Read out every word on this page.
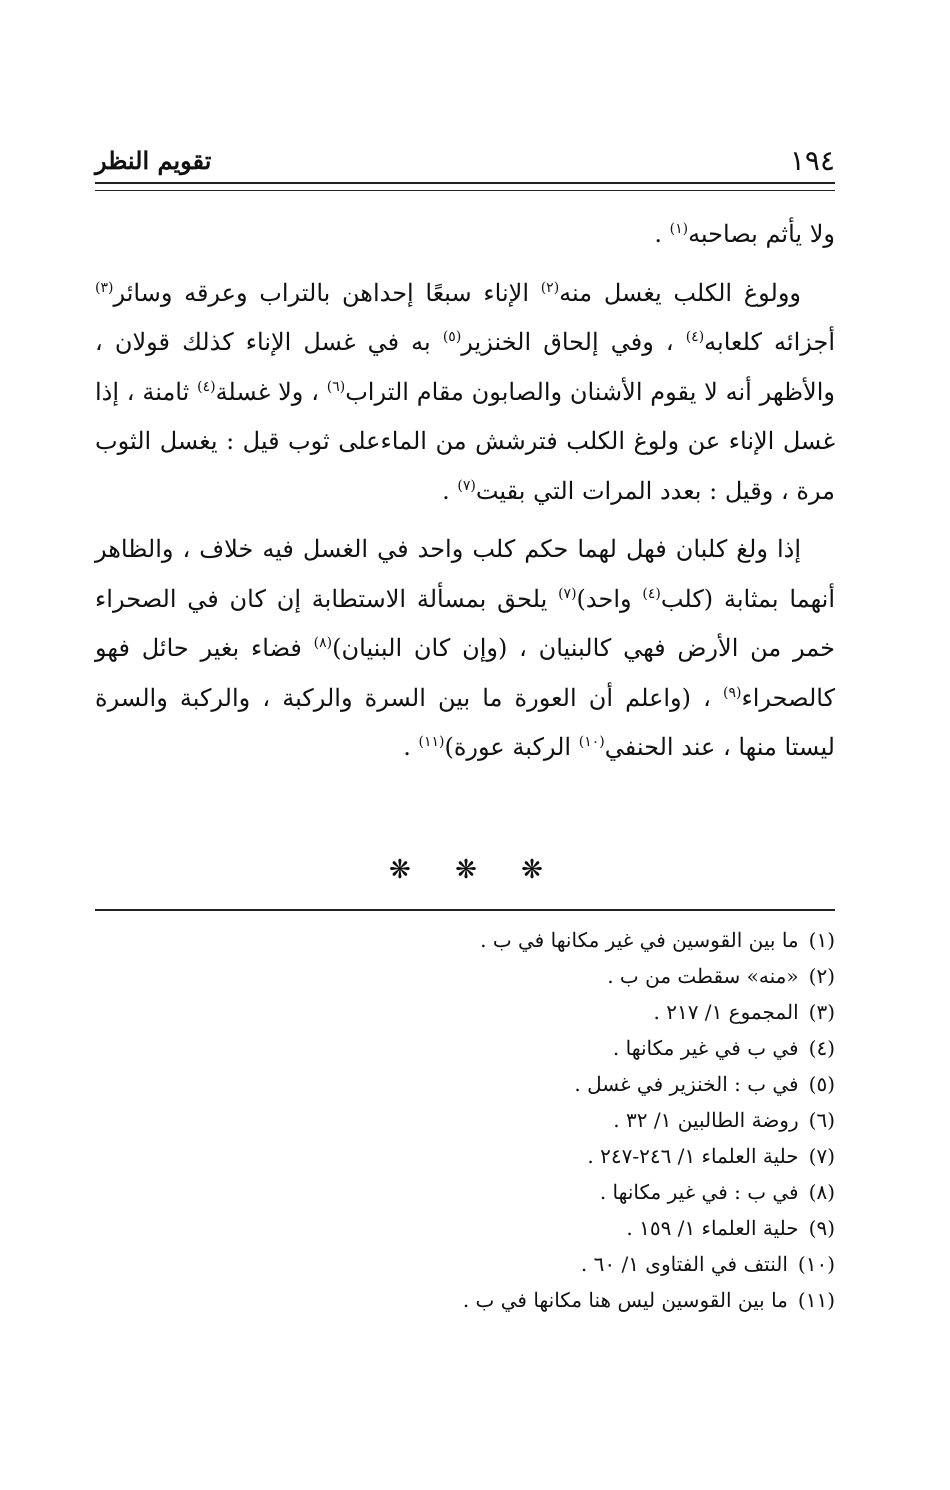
١٩٤
تقويم النظر

ولا يأثم بصاحبه$^{(١)}$ .

وولوغ الكلب يغسل منه$^{(٢)}$ الإناء سبعًا إحداهن بالتراب وعرقه وسائر$^{(٣)}$ أجزائه كلعابه$^{(٤)}$ ، وفي إلحاق الخنزير$^{(٥)}$ به في غسل الإناء كذلك قولان ، والأظهر أنه لا يقوم الأشنان والصابون مقام التراب$^{(٦)}$ ، ولا غسلة$^{(٤)}$ ثامنة ، إذا غسل الإناء عن ولوغ الكلب فترشش من الماءعلى ثوب قيل : يغسل الثوب مرة ، وقيل : بعدد المرات التي بقيت$^{(٧)}$ .

إذا ولغ كلبان فهل لهما حكم كلب واحد في الغسل فيه خلاف ، والظاهر أنهما بمثابة (كلب$^{(٤)}$ واحد)$^{(٧)}$ يلحق بمسألة الاستطابة إن كان في الصحراء خمر من الأرض فهي كالبنيان ، (وإن كان البنيان)$^{(٨)}$ فضاء بغير حائل فهو كالصحراء$^{(٩)}$ ، (واعلم أن العورة ما بين السرة والركبة ، والركبة والسرة ليستا منها ، عند الحنفي$^{(١٠)}$ الركبة عورة)$^{(١١)}$ .

❋ ❋ ❋
(١)ما بين القوسين في غير مكانها في ب .
(٢)«منه» سقطت من ب .
(٣)المجموع ١/ ٢١٧ .
(٤)في ب في غير مكانها .
(٥)في ب : الخنزير في غسل .
(٦)روضة الطالبين ١/ ٣٢ .
(٧)حلية العلماء ١/ ٢٤٦-٢٤٧ .
(٨)في ب : في غير مكانها .
(٩)حلية العلماء ١/ ١٥٩ .
(١٠)النتف في الفتاوى ١/ ٦٠ .
(١١)ما بين القوسين ليس هنا مكانها في ب .
